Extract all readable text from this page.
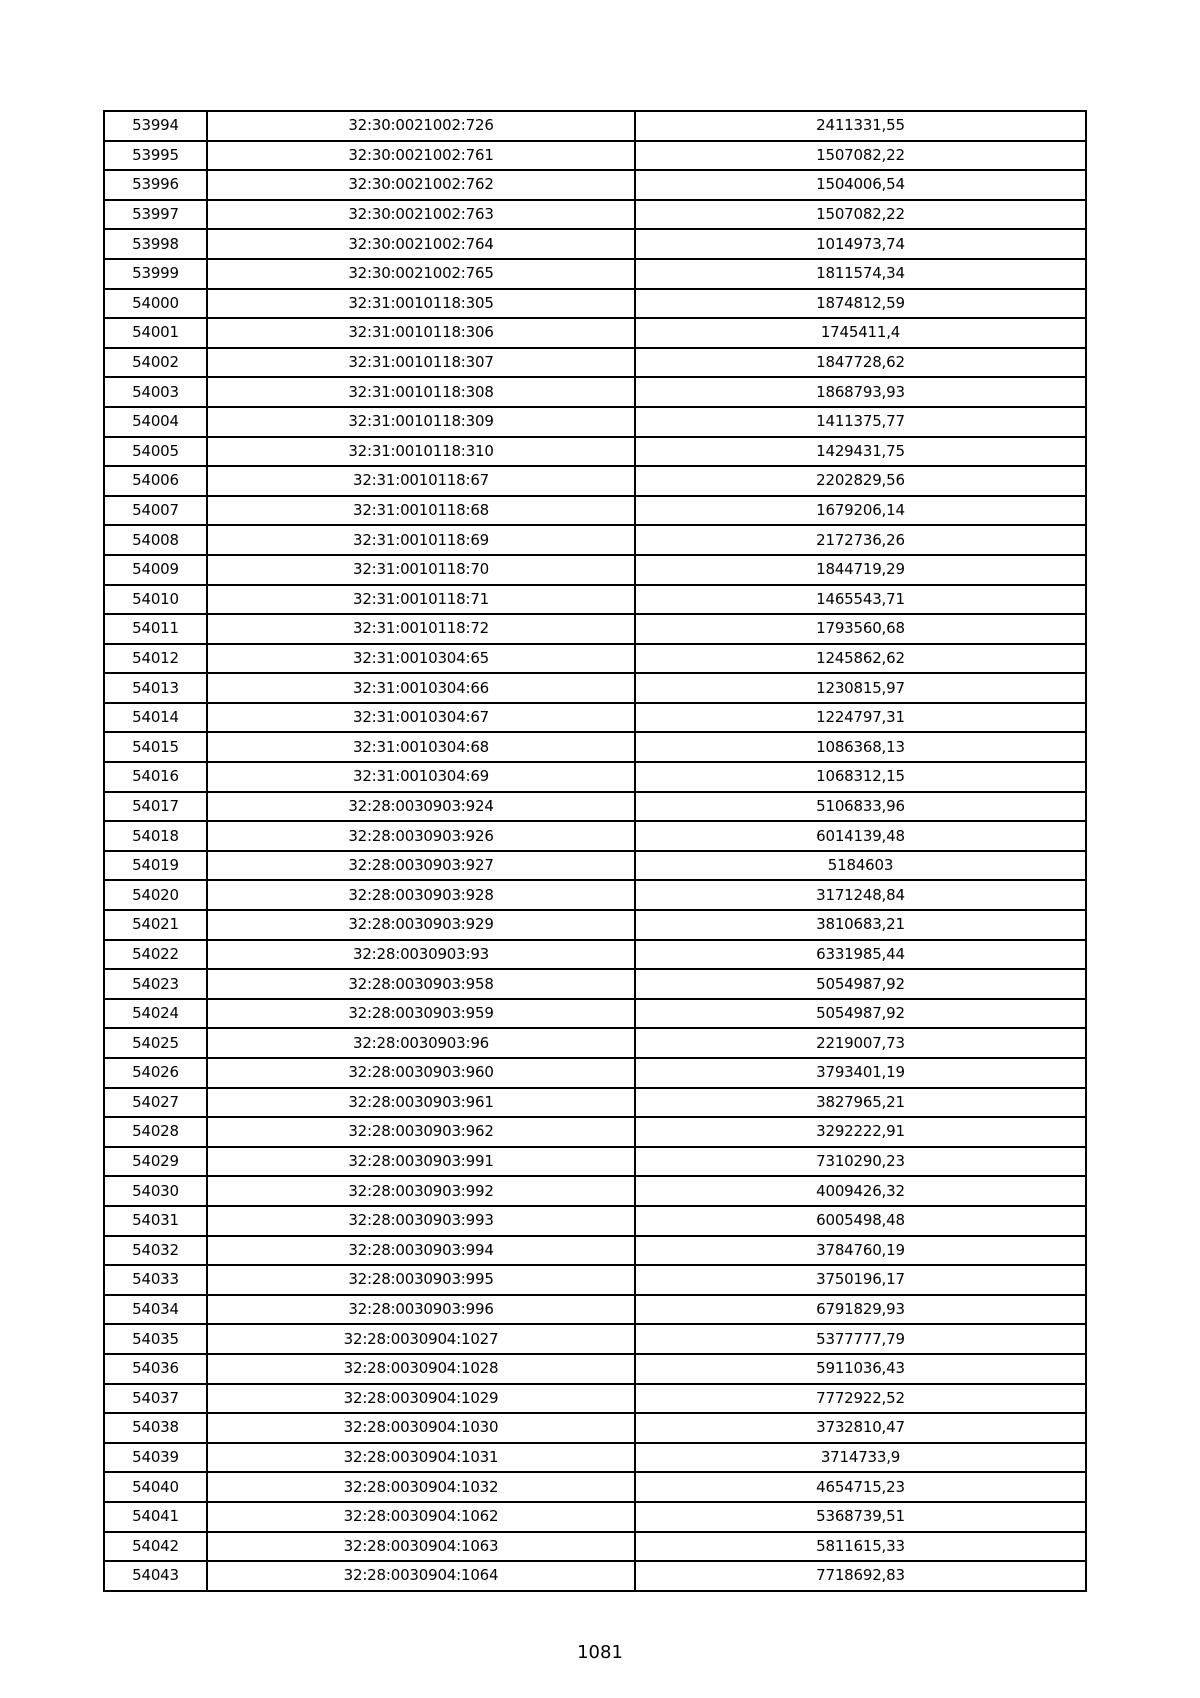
53994	32:30:0021002:726	2411331,55
53995	32:30:0021002:761	1507082,22
53996	32:30:0021002:762	1504006,54
53997	32:30:0021002:763	1507082,22
53998	32:30:0021002:764	1014973,74
53999	32:30:0021002:765	1811574,34
54000	32:31:0010118:305	1874812,59
54001	32:31:0010118:306	1745411,4
54002	32:31:0010118:307	1847728,62
54003	32:31:0010118:308	1868793,93
54004	32:31:0010118:309	1411375,77
54005	32:31:0010118:310	1429431,75
54006	32:31:0010118:67	2202829,56
54007	32:31:0010118:68	1679206,14
54008	32:31:0010118:69	2172736,26
54009	32:31:0010118:70	1844719,29
54010	32:31:0010118:71	1465543,71
54011	32:31:0010118:72	1793560,68
54012	32:31:0010304:65	1245862,62
54013	32:31:0010304:66	1230815,97
54014	32:31:0010304:67	1224797,31
54015	32:31:0010304:68	1086368,13
54016	32:31:0010304:69	1068312,15
54017	32:28:0030903:924	5106833,96
54018	32:28:0030903:926	6014139,48
54019	32:28:0030903:927	5184603
54020	32:28:0030903:928	3171248,84
54021	32:28:0030903:929	3810683,21
54022	32:28:0030903:93	6331985,44
54023	32:28:0030903:958	5054987,92
54024	32:28:0030903:959	5054987,92
54025	32:28:0030903:96	2219007,73
54026	32:28:0030903:960	3793401,19
54027	32:28:0030903:961	3827965,21
54028	32:28:0030903:962	3292222,91
54029	32:28:0030903:991	7310290,23
54030	32:28:0030903:992	4009426,32
54031	32:28:0030903:993	6005498,48
54032	32:28:0030903:994	3784760,19
54033	32:28:0030903:995	3750196,17
54034	32:28:0030903:996	6791829,93
54035	32:28:0030904:1027	5377777,79
54036	32:28:0030904:1028	5911036,43
54037	32:28:0030904:1029	7772922,52
54038	32:28:0030904:1030	3732810,47
54039	32:28:0030904:1031	3714733,9
54040	32:28:0030904:1032	4654715,23
54041	32:28:0030904:1062	5368739,51
54042	32:28:0030904:1063	5811615,33
54043	32:28:0030904:1064	7718692,83
1081
